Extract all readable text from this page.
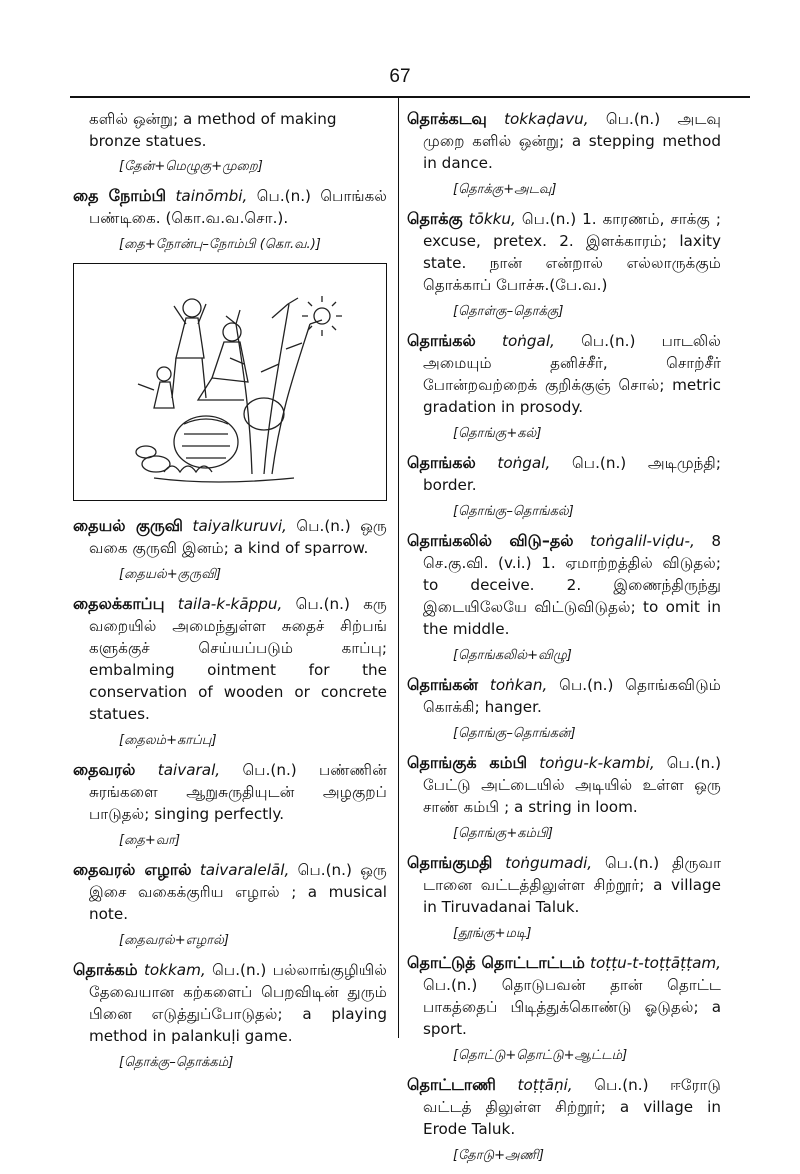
67
களில் ஒன்று; a method of making bronze statues.
[தேன்+மெழுகு+முறை]
தை நோம்பி tainōmbi, பெ.(n.) பொங்கல் பண்டிகை. (கொ.வ.வ.சொ.).
[தை+நோன்பு–நோம்பி (கொ.வ.)]
தையல் குருவி taiyalkuruvi, பெ.(n.) ஒரு வகை குருவி இனம்; a kind of sparrow.
[தையல்+குருவி]
தைலக்காப்பு taila-k-kāppu, பெ.(n.) கரு வறையில் அமைந்துள்ள சுதைச் சிற்பங் களுக்குச் செய்யப்படும் காப்பு; embalming ointment for the conservation of wooden or concrete statues.
[தைலம்+காப்பு]
தைவரல் taivaral, பெ.(n.) பண்ணின் சுரங்களை ஆறுசுருதியுடன் அழகுறப் பாடுதல்; singing perfectly.
[தை+வா]
தைவரல் எழால் taivaralelāl, பெ.(n.) ஒரு இசை வகைக்குரிய எழால் ; a musical note.
[தைவரல்+எழால்]
தொக்கம் tokkam, பெ.(n.) பல்லாங்குழியில் தேவையான கற்களைப் பெறவிடின் துரும் பினை எடுத்துப்போடுதல்; a playing method in palankuḷi game.
[தொக்கு–தொக்கம்]
தொக்கடவு tokkaḍavu, பெ.(n.) அடவு முறை களில் ஒன்று; a stepping method in dance.
[தொக்கு+அடவு]
தொக்கு tōkku, பெ.(n.) 1. காரணம், சாக்கு ; excuse, pretex. 2. இளக்காரம்; laxity state. நான் என்றால் எல்லாருக்கும் தொக்காப் போச்சு.(பே.வ.)
[தொள்கு–தொக்கு]
தொங்கல் toṅgal, பெ.(n.) பாடலில் அமையும் தனிச்சீர், சொற்சீர் போன்றவற்றைக் குறிக்குஞ் சொல்; metric gradation in prosody.
[தொங்கு+கல்]
தொங்கல் toṅgal, பெ.(n.) அடிமுந்தி; border.
[தொங்கு–தொங்கல்]
தொங்கலில் விடு–தல் toṅgalil-viḍu-, 8 செ.கு.வி. (v.i.) 1. ஏமாற்றத்தில் விடுதல்; to deceive. 2. இணைந்திருந்து இடையிலேயே விட்டுவிடுதல்; to omit in the middle.
[தொங்கலில்+விழு]
தொங்கன் toṅkan, பெ.(n.) தொங்கவிடும் கொக்கி; hanger.
[தொங்கு–தொங்கன்]
தொங்குக் கம்பி toṅgu-k-kambi, பெ.(n.) பேட்டு அட்டையில் அடியில் உள்ள ஒரு சாண் கம்பி ; a string in loom.
[தொங்கு+கம்பி]
தொங்குமதி toṅgumadi, பெ.(n.) திருவா டானை வட்டத்திலுள்ள சிற்றூர்; a village in Tiruvadanai Taluk.
[தூங்கு+மடி]
தொட்டுத் தொட்டாட்டம் toṭṭu-t-toṭṭāṭṭam, பெ.(n.) தொடுபவன் தான் தொட்ட பாகத்தைப் பிடித்துக்கொண்டு ஓடுதல்; a sport.
[தொட்டு+தொட்டு+ஆட்டம்]
தொட்டாணி toṭṭāṇi, பெ.(n.) ஈரோடு வட்டத் திலுள்ள சிற்றூர்; a village in Erode Taluk.
[தோடு+அணி]
